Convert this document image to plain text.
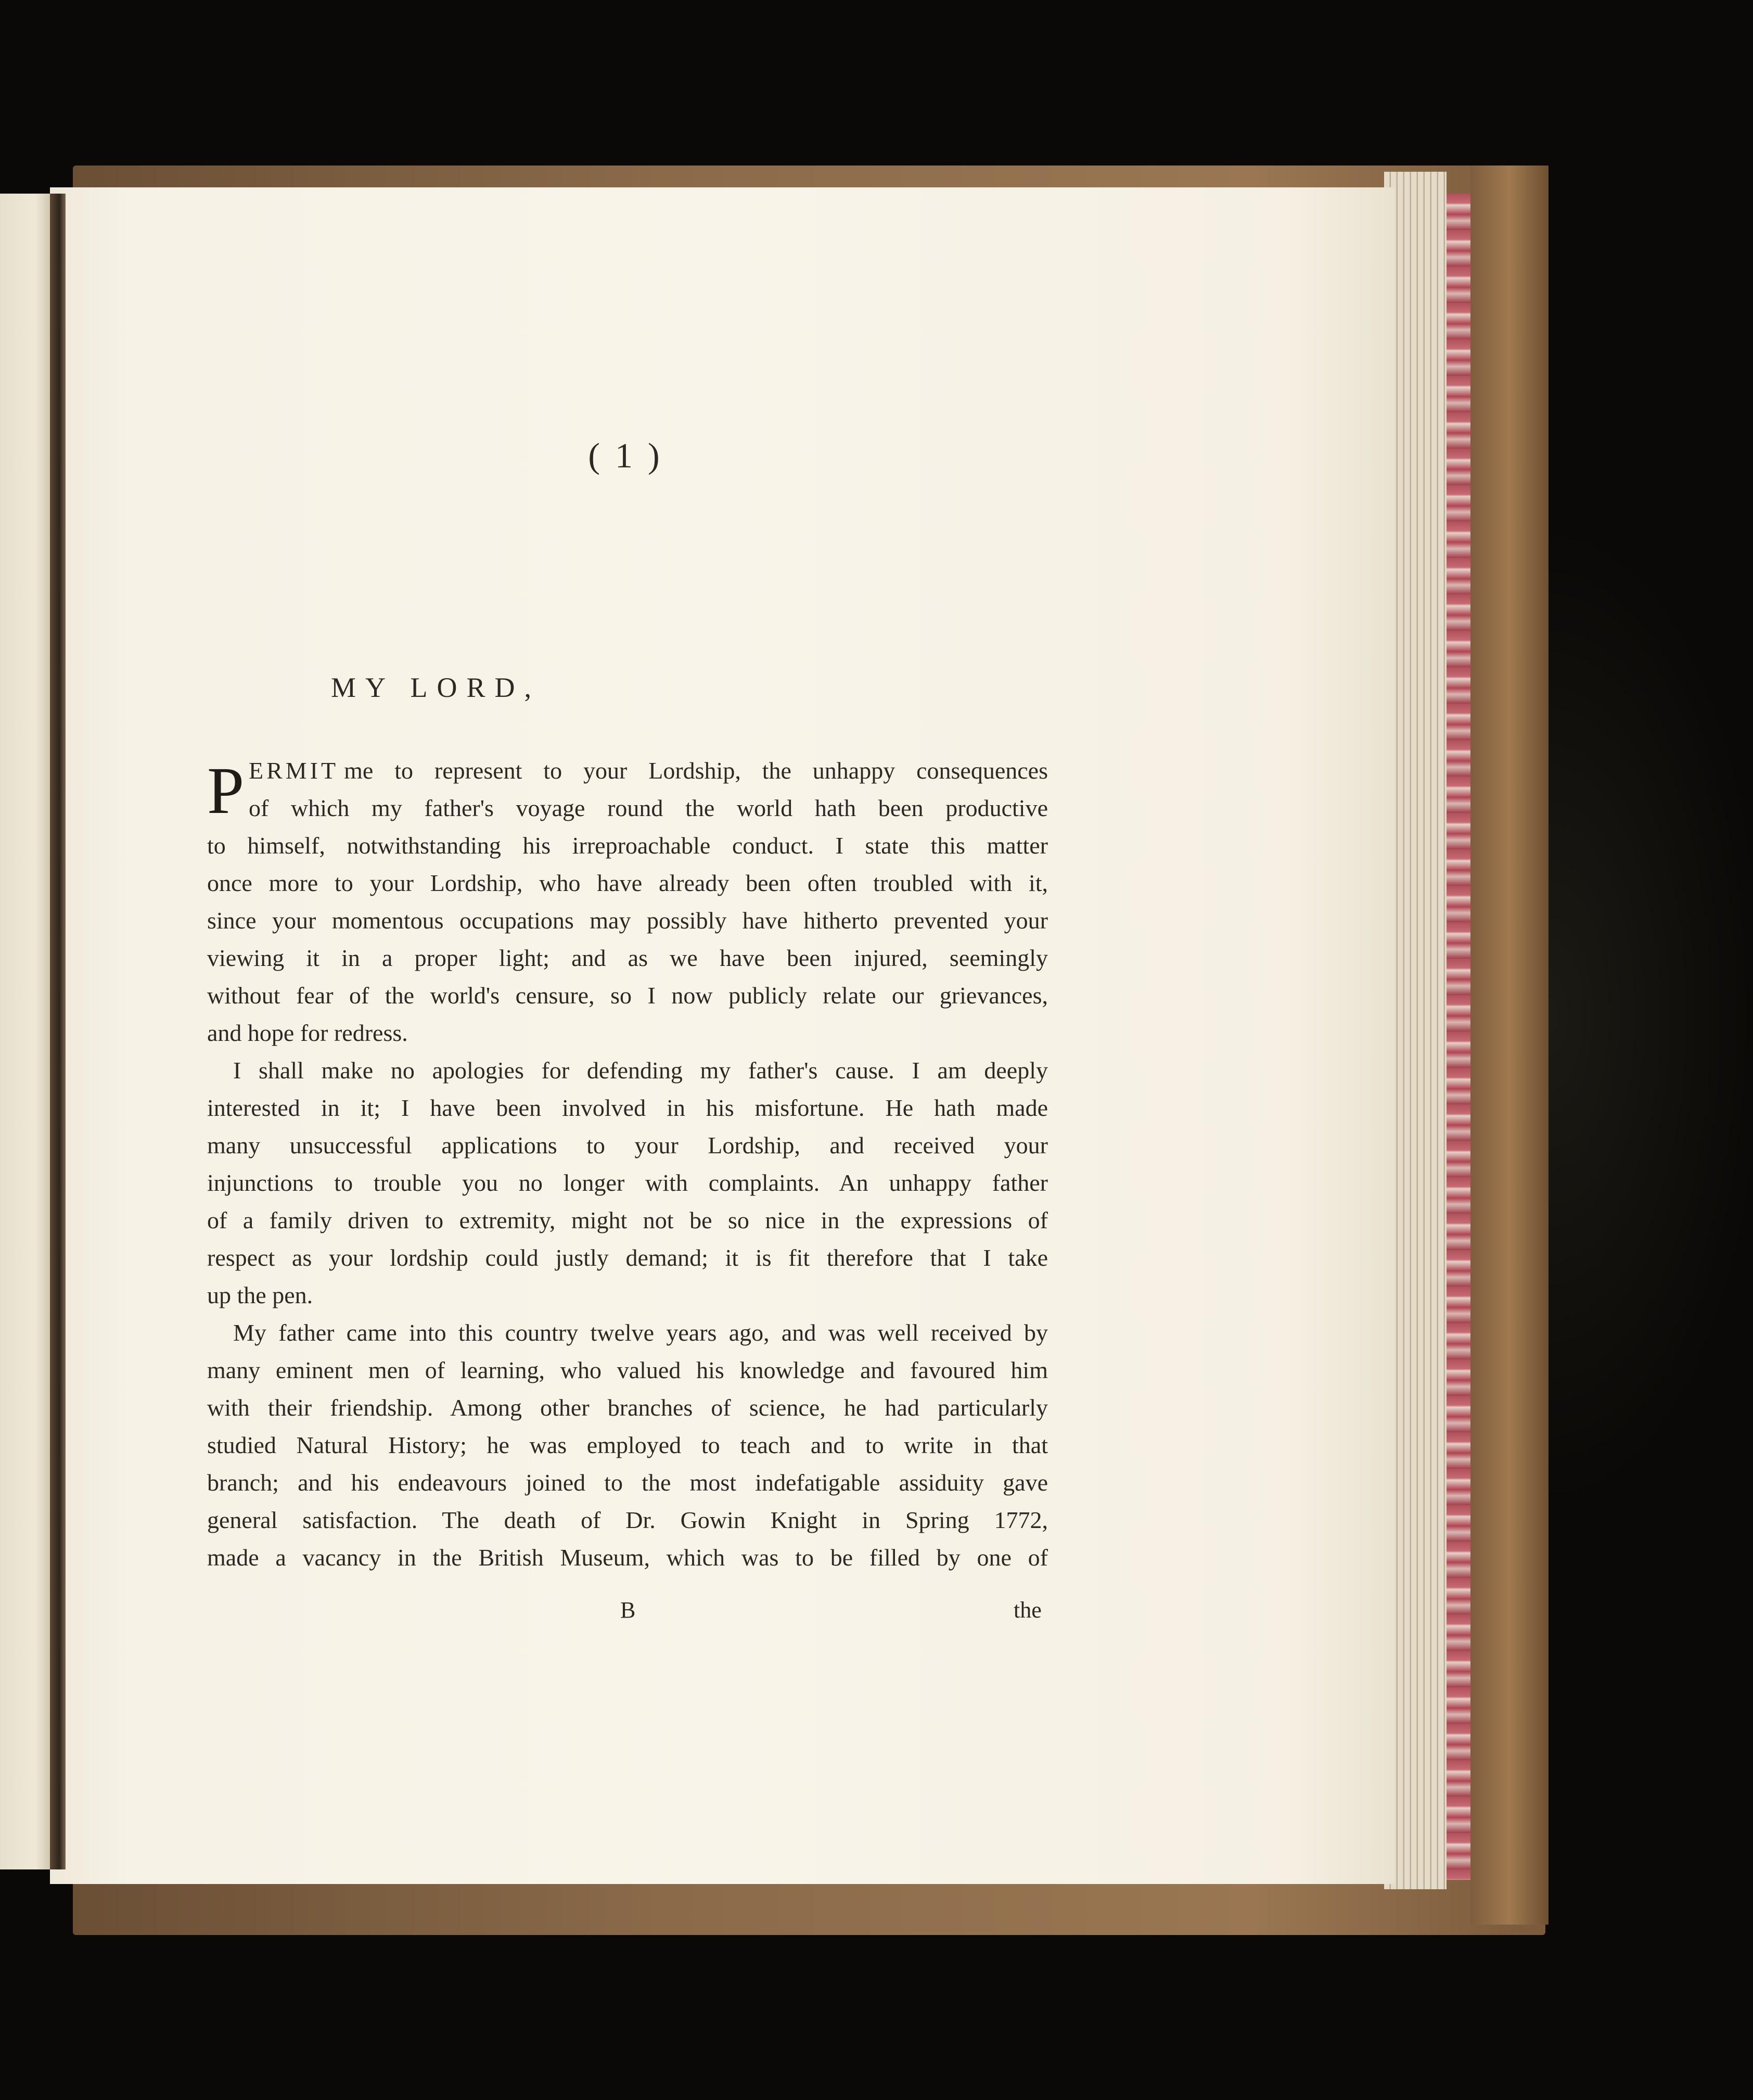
( 1 )
MY LORD,
P ERMIT me to represent to your Lordship, the unhappy consequences
of which my father's voyage round the world hath been productive
to himself, notwithstanding his irreproachable conduct. I state this matter
once more to your Lordship, who have already been often troubled with it,
since your momentous occupations may possibly have hitherto prevented your
viewing it in a proper light; and as we have been injured, seemingly
without fear of the world's censure, so I now publicly relate our grievances,
and hope for redress.
I shall make no apologies for defending my father's cause. I am deeply
interested in it; I have been involved in his misfortune. He hath made
many unsuccessful applications to your Lordship, and received your
injunctions to trouble you no longer with complaints. An unhappy father
of a family driven to extremity, might not be so nice in the expressions of
respect as your lordship could justly demand; it is fit therefore that I take
up the pen.
My father came into this country twelve years ago, and was well received by
many eminent men of learning, who valued his knowledge and favoured him
with their friendship. Among other branches of science, he had particularly
studied Natural History; he was employed to teach and to write in that
branch; and his endeavours joined to the most indefatigable assiduity gave
general satisfaction. The death of Dr. Gowin Knight in Spring 1772,
made a vacancy in the British Museum, which was to be filled by one of
B	the
